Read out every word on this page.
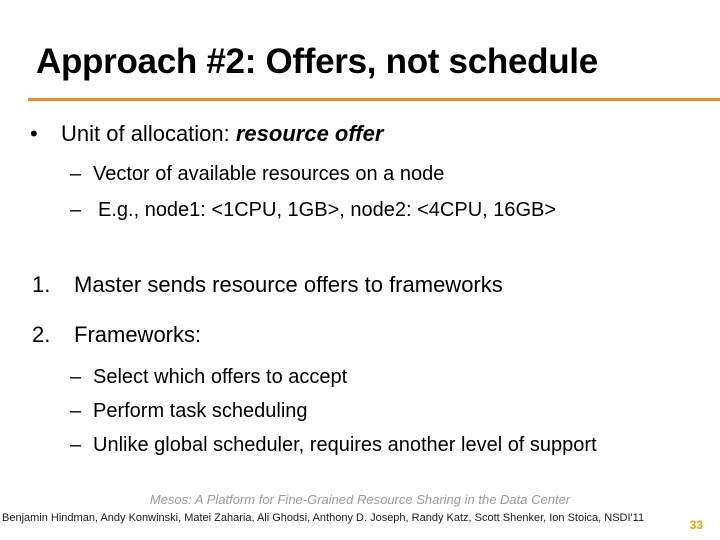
Approach #2: Offers, not schedule
• Unit of allocation: resource offer
– Vector of available resources on a node
– E.g., node1: <1CPU, 1GB>, node2: <4CPU, 16GB>
1. Master sends resource offers to frameworks
2. Frameworks:
– Select which offers to accept
– Perform task scheduling
– Unlike global scheduler, requires another level of support
Mesos: A Platform for Fine-Grained Resource Sharing in the Data Center
Benjamin Hindman, Andy Konwinski, Matei Zaharia, Ali Ghodsi, Anthony D. Joseph, Randy Katz, Scott Shenker, Ion Stoica, NSDI'11	33
